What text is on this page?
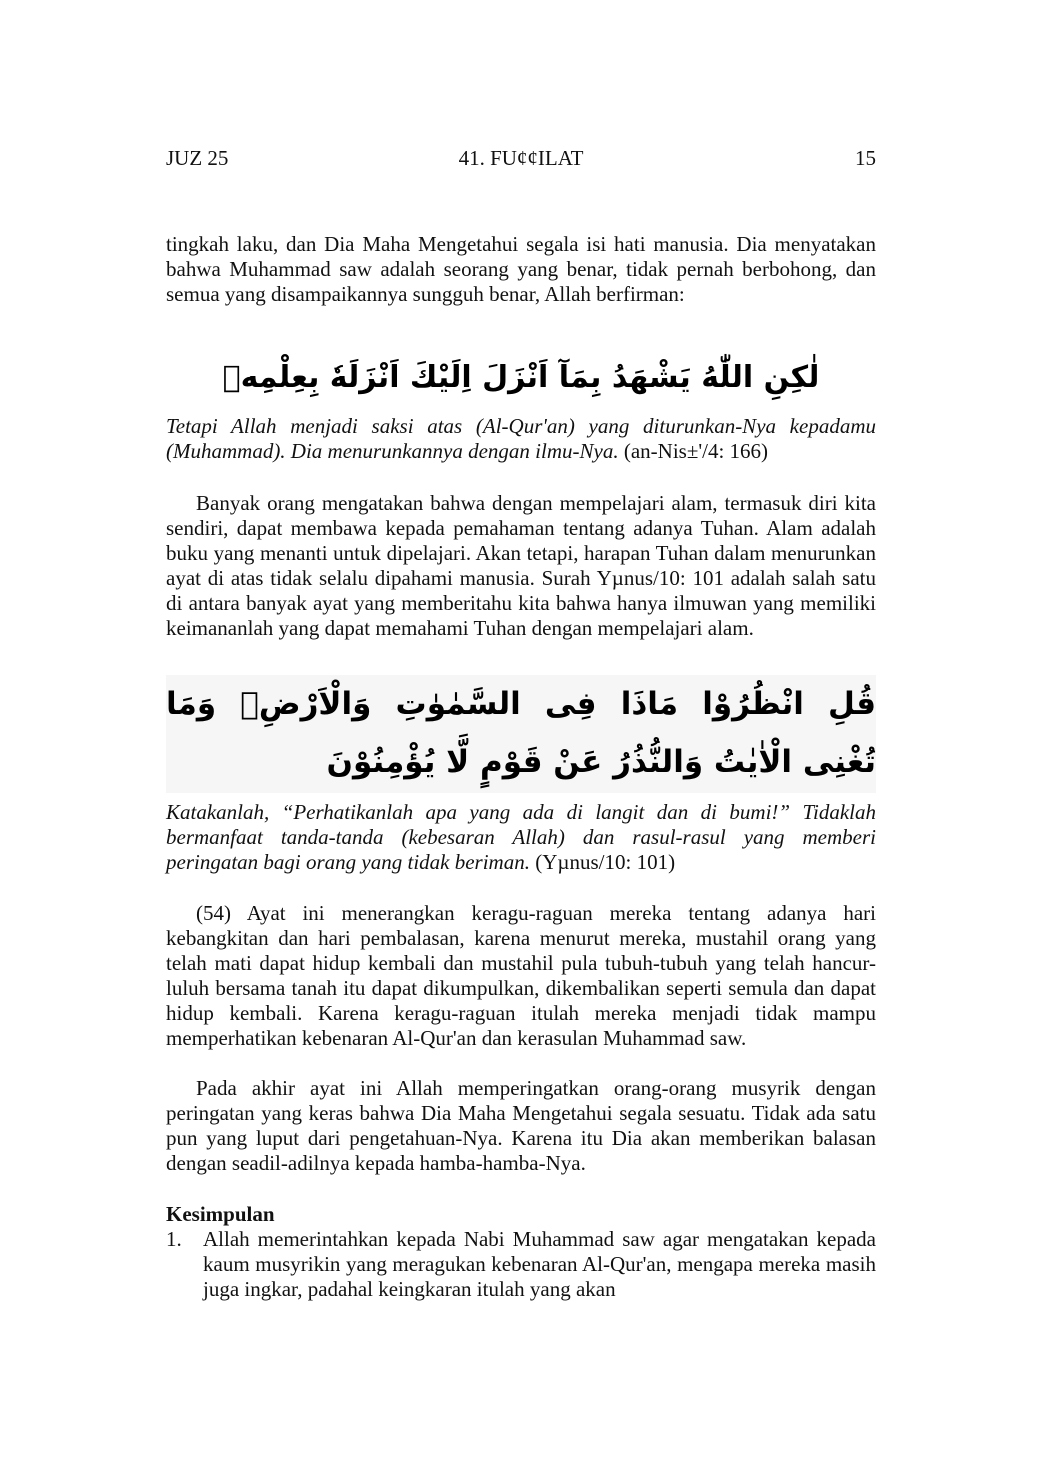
JUZ 25	41. FU¢¢ILAT	15

tingkah laku, dan Dia Maha Mengetahui segala isi hati manusia. Dia menyatakan bahwa Muhammad saw adalah seorang yang benar, tidak pernah berbohong, dan semua yang disampaikannya sungguh benar, Allah berfirman:

لٰكِنِ اللّٰهُ يَشْهَدُ بِمَآ اَنْزَلَ اِلَيْكَ اَنْزَلَهٗ بِعِلْمِهٖ

Tetapi Allah menjadi saksi atas (Al-Qur'an) yang diturunkan-Nya kepadamu (Muhammad). Dia menurunkannya dengan ilmu-Nya. (an-Nis±'/4: 166)

Banyak orang mengatakan bahwa dengan mempelajari alam, termasuk diri kita sendiri, dapat membawa kepada pemahaman tentang adanya Tuhan. Alam adalah buku yang menanti untuk dipelajari. Akan tetapi, harapan Tuhan dalam menurunkan ayat di atas tidak selalu dipahami manusia. Surah Yµnus/10: 101 adalah salah satu di antara banyak ayat yang memberitahu kita bahwa hanya ilmuwan yang memiliki keimananlah yang dapat memahami Tuhan dengan mempelajari alam.

قُلِ انْظُرُوْا مَاذَا فِى السَّمٰوٰتِ وَالْاَرْضِۗ وَمَا تُغْنِى الْاٰيٰتُ وَالنُّذُرُ عَنْ قَوْمٍ لَّا يُؤْمِنُوْنَ

Katakanlah, “Perhatikanlah apa yang ada di langit dan di bumi!” Tidaklah bermanfaat tanda-tanda (kebesaran Allah) dan rasul-rasul yang memberi peringatan bagi orang yang tidak beriman. (Yµnus/10: 101)

(54) Ayat ini menerangkan keragu-raguan mereka tentang adanya hari kebangkitan dan hari pembalasan, karena menurut mereka, mustahil orang yang telah mati dapat hidup kembali dan mustahil pula tubuh-tubuh yang telah hancur-luluh bersama tanah itu dapat dikumpulkan, dikembalikan seperti semula dan dapat hidup kembali. Karena keragu-raguan itulah mereka menjadi tidak mampu memperhatikan kebenaran Al-Qur'an dan kerasulan Muhammad saw.

Pada akhir ayat ini Allah memperingatkan orang-orang musyrik dengan peringatan yang keras bahwa Dia Maha Mengetahui segala sesuatu. Tidak ada satu pun yang luput dari pengetahuan-Nya. Karena itu Dia akan memberikan balasan dengan seadil-adilnya kepada hamba-hamba-Nya.

Kesimpulan
1. Allah memerintahkan kepada Nabi Muhammad saw agar mengatakan kepada kaum musyrikin yang meragukan kebenaran Al-Qur'an, mengapa mereka masih juga ingkar, padahal keingkaran itulah yang akan
